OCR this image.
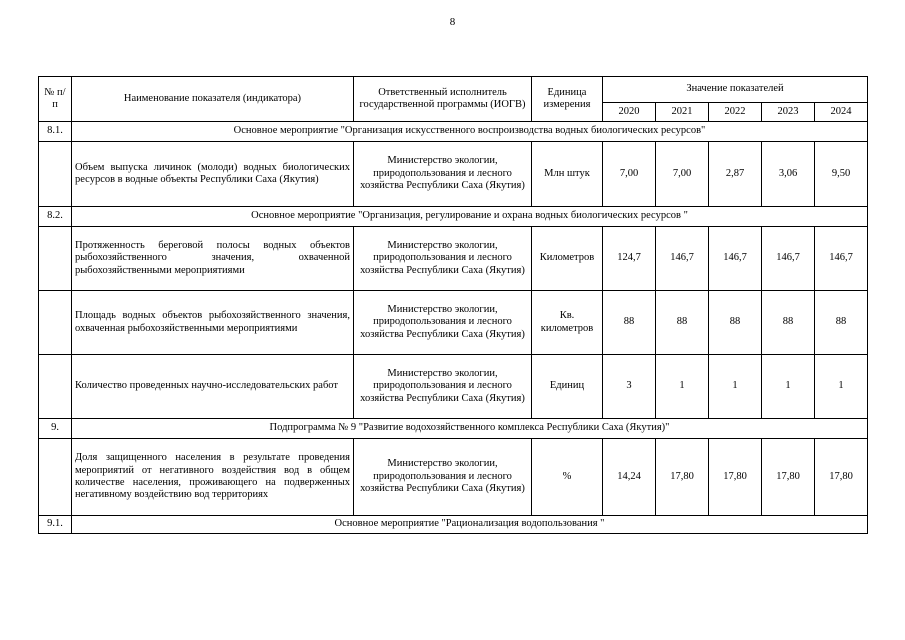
8
№ п/п	Наименование показателя (индикатора)	Ответственный исполнитель государственной программы (ИОГВ)	Единица измерения	Значение показателей				
				2020	2021	2022	2023	2024
8.1.	Основное мероприятие "Организация искусственного воспроизводства водных биологических ресурсов"							
	Объем выпуска личинок (молоди) водных биологических ресурсов в водные объекты Республики Саха (Якутия)	Министерство экологии, природопользования и лесного хозяйства Республики Саха (Якутия)	Млн штук	7,00	7,00	2,87	3,06	9,50
8.2.	Основное мероприятие "Организация, регулирование и охрана водных биологических ресурсов "							
	Протяженность береговой полосы водных объектов рыбохозяйственного значения, охваченной рыбохозяйственными мероприятиями	Министерство экологии, природопользования и лесного хозяйства Республики Саха (Якутия)	Километров	124,7	146,7	146,7	146,7	146,7
	Площадь водных объектов рыбохозяйственного значения, охваченная рыбохозяйственными мероприятиями	Министерство экологии, природопользования и лесного хозяйства Республики Саха (Якутия)	Кв. километров	88	88	88	88	88
	Количество проведенных научно-исследовательских работ	Министерство экологии, природопользования и лесного хозяйства Республики Саха (Якутия)	Единиц	3	1	1	1	1
9.	Подпрограмма № 9 "Развитие водохозяйственного комплекса Республики Саха (Якутия)"							
	Доля защищенного населения в результате проведения мероприятий от негативного воздействия вод в общем количестве населения, проживающего на подверженных негативному воздействию вод территориях	Министерство экологии, природопользования и лесного хозяйства Республики Саха (Якутия)	%	14,24	17,80	17,80	17,80	17,80
9.1.	Основное мероприятие "Рационализация водопользования "							
